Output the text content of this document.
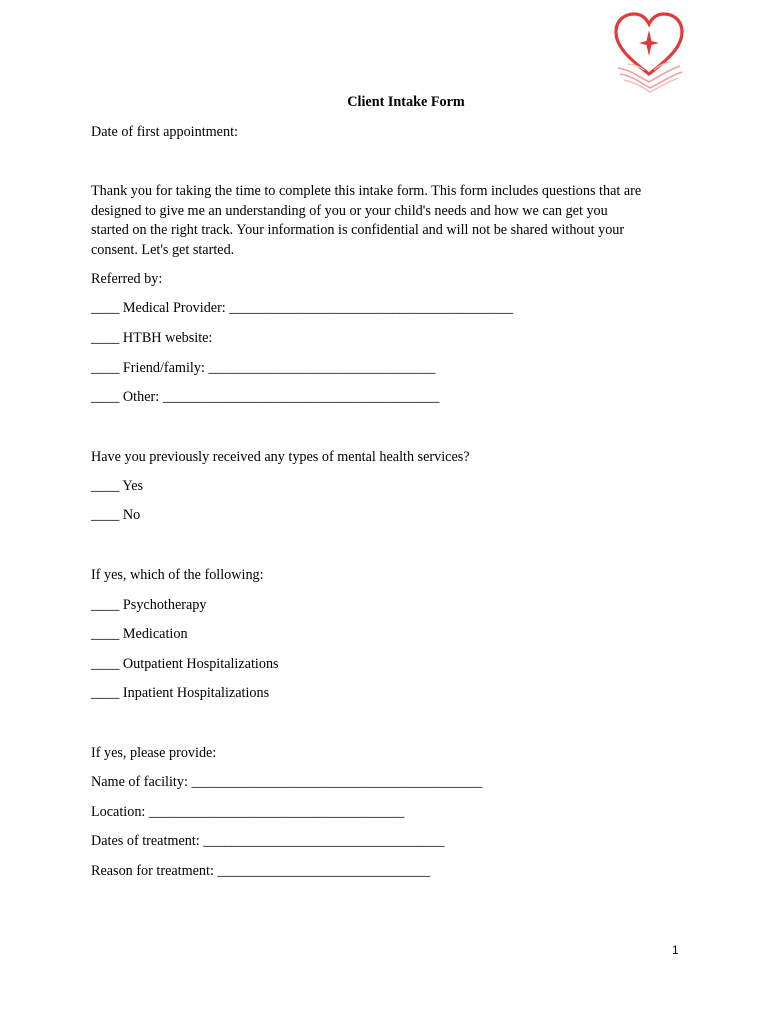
Client Intake Form
Date of first appointment:
Thank you for taking the time to complete this intake form. This form includes questions that are
designed to give me an understanding of you or your child's needs and how we can get you
started on the right track. Your information is confidential and will not be shared without your
consent. Let's get started.
Referred by:
____ Medical Provider: ________________________________________
____ HTBH website:
____ Friend/family: ________________________________
____ Other: _______________________________________
Have you previously received any types of mental health services?
____ Yes
____ No
If yes, which of the following:
____ Psychotherapy
____ Medication
____ Outpatient Hospitalizations
____ Inpatient Hospitalizations
If yes, please provide:
Name of facility: _________________________________________
Location: ____________________________________
Dates of treatment: __________________________________
Reason for treatment: ______________________________
1
